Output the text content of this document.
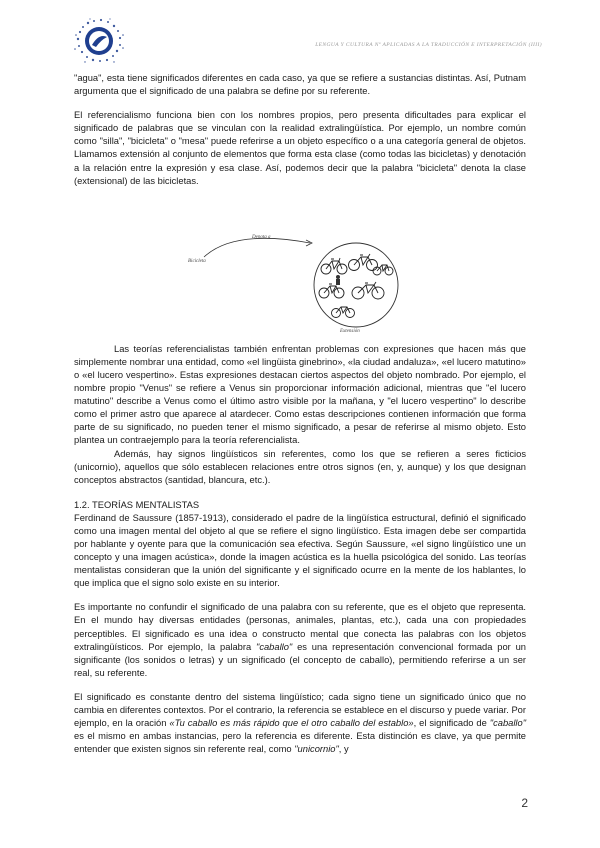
LENGUA Y CULTURA Nº APLICADAS A LA TRADUCCIÓN E INTERPRETACIÓN (IIII)

"agua", esta tiene significados diferentes en cada caso, ya que se refiere a sustancias distintas. Así, Putnam argumenta que el significado de una palabra se define por su referente.

El referencialismo funciona bien con los nombres propios, pero presenta dificultades para explicar el significado de palabras que se vinculan con la realidad extralingüística. Por ejemplo, un nombre común como "silla", "bicicleta" o "mesa" puede referirse a un objeto específico o a una categoría general de objetos. Llamamos extensión al conjunto de elementos que forma esta clase (como todas las bicicletas) y denotación a la relación entre la expresión y esa clase. Así, podemos decir que la palabra "bicicleta" denota la clase (extensional) de las bicicletas.

Denota a
Bicicleta
Extensión

Las teorías referencialistas también enfrentan problemas con expresiones que hacen más que simplemente nombrar una entidad, como «el lingüista ginebrino», «la ciudad andaluza», «el lucero matutino» o «el lucero vespertino». Estas expresiones destacan ciertos aspectos del objeto nombrado. Por ejemplo, el nombre propio "Venus" se refiere a Venus sin proporcionar información adicional, mientras que "el lucero matutino" describe a Venus como el último astro visible por la mañana, y "el lucero vespertino" lo describe como el primer astro que aparece al atardecer. Como estas descripciones contienen información que forma parte de su significado, no pueden tener el mismo significado, a pesar de referirse al mismo objeto. Esto plantea un contraejemplo para la teoría referencialista.

Además, hay signos lingüísticos sin referentes, como los que se refieren a seres ficticios (unicornio), aquellos que sólo establecen relaciones entre otros signos (en, y, aunque) y los que designan conceptos abstractos (santidad, blancura, etc.).

1.2. TEORÍAS MENTALISTAS

Ferdinand de Saussure (1857-1913), considerado el padre de la lingüística estructural, definió el significado como una imagen mental del objeto al que se refiere el signo lingüístico. Esta imagen debe ser compartida por hablante y oyente para que la comunicación sea efectiva. Según Saussure, «el signo lingüístico une un concepto y una imagen acústica», donde la imagen acústica es la huella psicológica del sonido. Las teorías mentalistas consideran que la unión del significante y el significado ocurre en la mente de los hablantes, lo que implica que el signo solo existe en su interior.

Es importante no confundir el significado de una palabra con su referente, que es el objeto que representa. En el mundo hay diversas entidades (personas, animales, plantas, etc.), cada una con propiedades perceptibles. El significado es una idea o constructo mental que conecta las palabras con los objetos extralingüísticos. Por ejemplo, la palabra "caballo" es una representación convencional formada por un significante (los sonidos o letras) y un significado (el concepto de caballo), permitiendo referirse a un ser real, su referente.

El significado es constante dentro del sistema lingüístico; cada signo tiene un significado único que no cambia en diferentes contextos. Por el contrario, la referencia se establece en el discurso y puede variar. Por ejemplo, en la oración «Tu caballo es más rápido que el otro caballo del establo», el significado de "caballo" es el mismo en ambas instancias, pero la referencia es diferente. Esta distinción es clave, ya que permite entender que existen signos sin referente real, como "unicornio", y

2
